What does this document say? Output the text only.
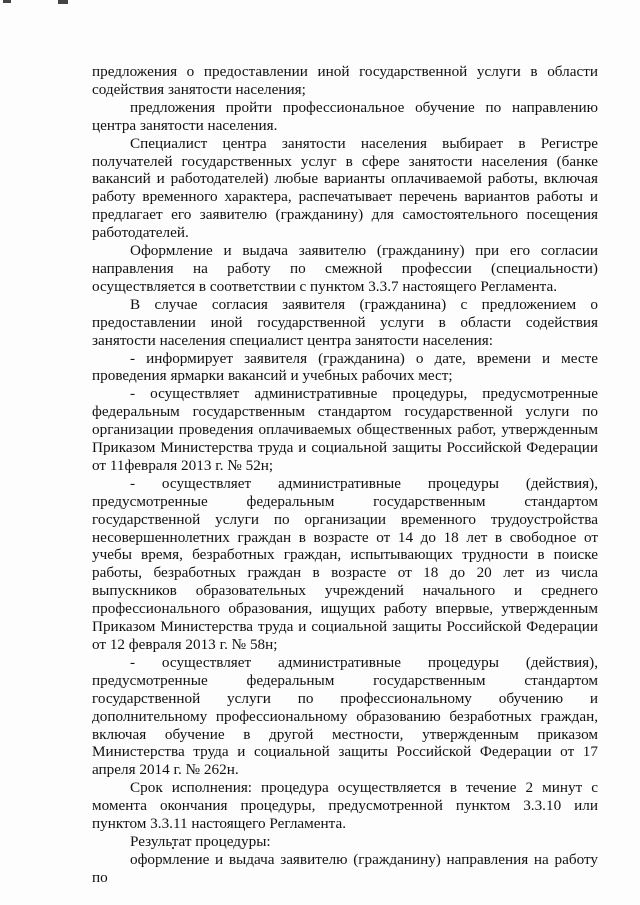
предложения о предоставлении иной государственной услуги в области содействия занятости населения;

предложения пройти профессиональное обучение по направлению центра занятости населения.

Специалист центра занятости населения выбирает в Регистре получателей государственных услуг в сфере занятости населения (банке вакансий и работодателей) любые варианты оплачиваемой работы, включая работу временного характера, распечатывает перечень вариантов работы и предлагает его заявителю (гражданину) для самостоятельного посещения работодателей.

Оформление и выдача заявителю (гражданину) при его согласии направления на работу по смежной профессии (специальности) осуществляется в соответствии с пунктом 3.3.7 настоящего Регламента.

В случае согласия заявителя (гражданина) с предложением о предоставлении иной государственной услуги в области содействия занятости населения специалист центра занятости населения:

- информирует заявителя (гражданина) о дате, времени и месте проведения ярмарки вакансий и учебных рабочих мест;

- осуществляет административные процедуры, предусмотренные федеральным государственным стандартом государственной услуги по организации проведения оплачиваемых общественных работ, утвержденным Приказом Министерства труда и социальной защиты Российской Федерации от 11февраля 2013 г. № 52н;

- осуществляет административные процедуры (действия), предусмотренные федеральным государственным стандартом государственной услуги по организации временного трудоустройства несовершеннолетних граждан в возрасте от 14 до 18 лет в свободное от учебы время, безработных граждан, испытывающих трудности в поиске работы, безработных граждан в возрасте от 18 до 20 лет из числа выпускников образовательных учреждений начального и среднего профессионального образования, ищущих работу впервые, утвержденным Приказом Министерства труда и социальной защиты Российской Федерации от 12 февраля 2013 г. № 58н;

- осуществляет административные процедуры (действия), предусмотренные федеральным государственным стандартом государственной услуги по профессиональному обучению и дополнительному профессиональному образованию безработных граждан, включая обучение в другой местности, утвержденным приказом Министерства труда и социальной защиты Российской Федерации от 17 апреля 2014 г. № 262н.

Срок исполнения: процедура осуществляется в течение 2 минут с момента окончания процедуры, предусмотренной пунктом 3.3.10 или пунктом 3.3.11 настоящего Регламента.

Результат процедуры:

оформление и выдача заявителю (гражданину) направления на работу по
